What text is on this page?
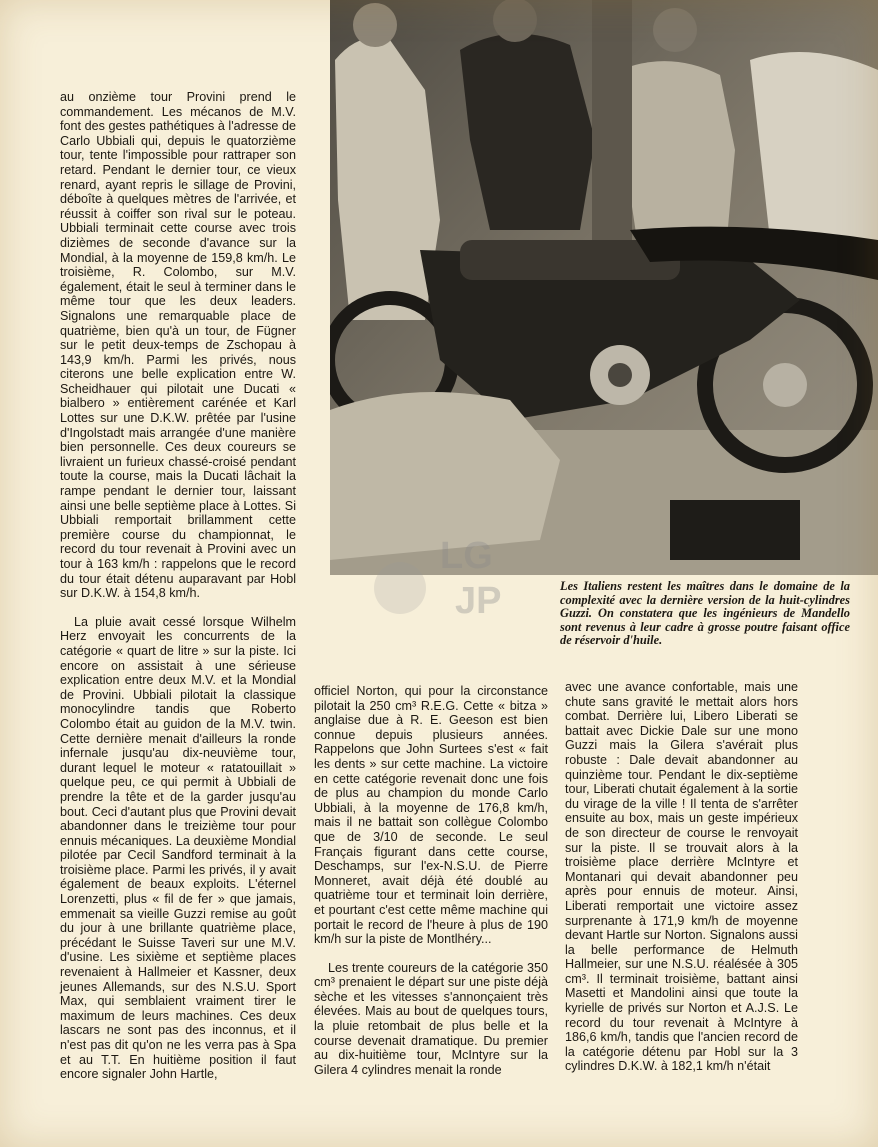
LG
JP	Les Italiens restent les maîtres dans le domaine de la complexité avec la dernière version de la huit-cylindres Guzzi. On constatera que les ingénieurs de Mandello sont revenus à leur cadre à grosse poutre faisant office de réservoir d'huile.

au onzième tour Provini prend le commandement. Les mécanos de M.V. font des gestes pathétiques à l'adresse de Carlo Ubbiali qui, depuis le quatorzième tour, tente l'impossible pour rattraper son retard. Pendant le dernier tour, ce vieux renard, ayant repris le sillage de Provini, déboîte à quelques mètres de l'arrivée, et réussit à coiffer son rival sur le poteau. Ubbiali terminait cette course avec trois dizièmes de seconde d'avance sur la Mondial, à la moyenne de 159,8 km/h. Le troisième, R. Colombo, sur M.V. également, était le seul à terminer dans le même tour que les deux leaders. Signalons une remarquable place de quatrième, bien qu'à un tour, de Fügner sur le petit deux-temps de Zschopau à 143,9 km/h. Parmi les privés, nous citerons une belle explication entre W. Scheidhauer qui pilotait une Ducati « bialbero » entièrement carénée et Karl Lottes sur une D.K.W. prêtée par l'usine d'Ingolstadt mais arrangée d'une manière bien personnelle. Ces deux coureurs se livraient un furieux chassé-croisé pendant toute la course, mais la Ducati lâchait la rampe pendant le dernier tour, laissant ainsi une belle septième place à Lottes. Si Ubbiali remportait brillamment cette première course du championnat, le record du tour revenait à Provini avec un tour à 163 km/h : rappelons que le record du tour était détenu auparavant par Hobl sur D.K.W. à 154,8 km/h.

La pluie avait cessé lorsque Wilhelm Herz envoyait les concurrents de la catégorie « quart de litre » sur la piste. Ici encore on assistait à une sérieuse explication entre deux M.V. et la Mondial de Provini. Ubbiali pilotait la classique monocylindre tandis que Roberto Colombo était au guidon de la M.V. twin. Cette dernière menait d'ailleurs la ronde infernale jusqu'au dix-neuvième tour, durant lequel le moteur « ratatouillait » quelque peu, ce qui permit à Ubbiali de prendre la tête et de la garder jusqu'au bout. Ceci d'autant plus que Provini devait abandonner dans le treizième tour pour ennuis mécaniques. La deuxième Mondial pilotée par Cecil Sandford terminait à la troisième place. Parmi les privés, il y avait également de beaux exploits. L'éternel Lorenzetti, plus « fil de fer » que jamais, emmenait sa vieille Guzzi remise au goût du jour à une brillante quatrième place, précédant le Suisse Taveri sur une M.V. d'usine. Les sixième et septième places revenaient à Hallmeier et Kassner, deux jeunes Allemands, sur des N.S.U. Sport Max, qui semblaient vraiment tirer le maximum de leurs machines. Ces deux lascars ne sont pas des inconnus, et il n'est pas dit qu'on ne les verra pas à Spa et au T.T. En huitième position il faut encore signaler John Hartle,

officiel Norton, qui pour la circonstance pilotait la 250 cm³ R.E.G. Cette « bitza » anglaise due à R. E. Geeson est bien connue depuis plusieurs années. Rappelons que John Surtees s'est « fait les dents » sur cette machine. La victoire en cette catégorie revenait donc une fois de plus au champion du monde Carlo Ubbiali, à la moyenne de 176,8 km/h, mais il ne battait son collègue Colombo que de 3/10 de seconde. Le seul Français figurant dans cette course, Deschamps, sur l'ex-N.S.U. de Pierre Monneret, avait déjà été doublé au quatrième tour et terminait loin derrière, et pourtant c'est cette même machine qui portait le record de l'heure à plus de 190 km/h sur la piste de Montlhéry...

Les trente coureurs de la catégorie 350 cm³ prenaient le départ sur une piste déjà sèche et les vitesses s'annonçaient très élevées. Mais au bout de quelques tours, la pluie retombait de plus belle et la course devenait dramatique. Du premier au dix-huitième tour, McIntyre sur la Gilera 4 cylindres menait la ronde

avec une avance confortable, mais une chute sans gravité le mettait alors hors combat. Derrière lui, Libero Liberati se battait avec Dickie Dale sur une mono Guzzi mais la Gilera s'avérait plus robuste : Dale devait abandonner au quinzième tour. Pendant le dix-septième tour, Liberati chutait également à la sortie du virage de la ville ! Il tenta de s'arrêter ensuite au box, mais un geste impérieux de son directeur de course le renvoyait sur la piste. Il se trouvait alors à la troisième place derrière McIntyre et Montanari qui devait abandonner peu après pour ennuis de moteur. Ainsi, Liberati remportait une victoire assez surprenante à 171,9 km/h de moyenne devant Hartle sur Norton. Signalons aussi la belle performance de Helmuth Hallmeier, sur une N.S.U. réalésée à 305 cm³. Il terminait troisième, battant ainsi Masetti et Mandolini ainsi que toute la kyrielle de privés sur Norton et A.J.S. Le record du tour revenait à McIntyre à 186,6 km/h, tandis que l'ancien record de la catégorie détenu par Hobl sur la 3 cylindres D.K.W. à 182,1 km/h n'était
